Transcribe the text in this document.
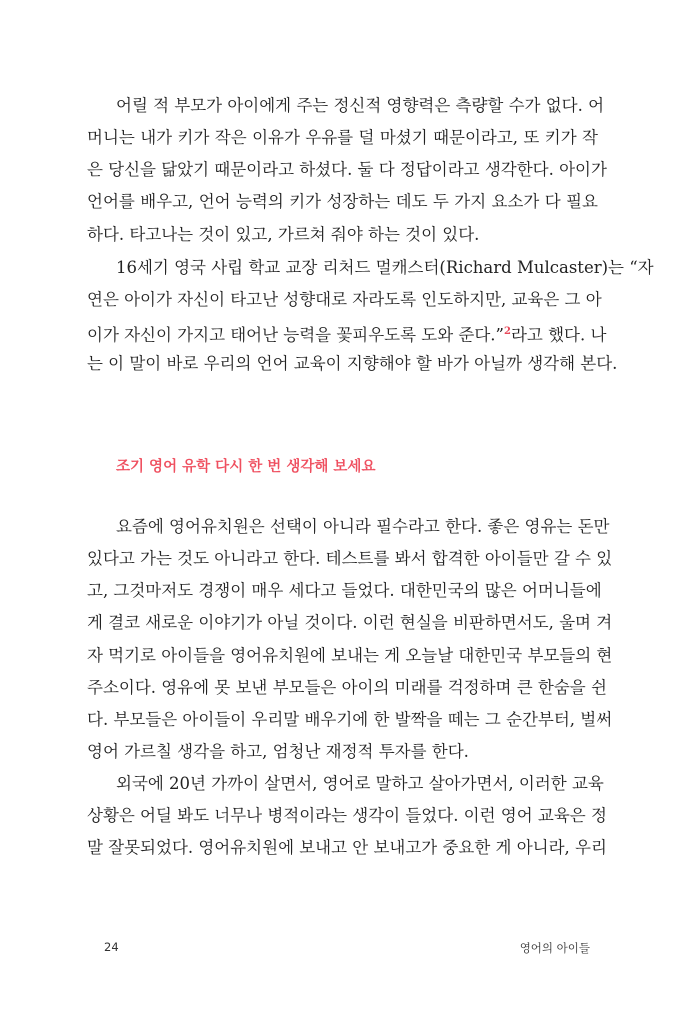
어릴 적 부모가 아이에게 주는 정신적 영향력은 측량할 수가 없다. 어
머니는 내가 키가 작은 이유가 우유를 덜 마셨기 때문이라고, 또 키가 작
은 당신을 닮았기 때문이라고 하셨다. 둘 다 정답이라고 생각한다. 아이가
언어를 배우고, 언어 능력의 키가 성장하는 데도 두 가지 요소가 다 필요
하다. 타고나는 것이 있고, 가르쳐 줘야 하는 것이 있다.
16세기 영국 사립 학교 교장 리처드 멀캐스터(Richard Mulcaster)는 “자
연은 아이가 자신이 타고난 성향대로 자라도록 인도하지만, 교육은 그 아
이가 자신이 가지고 태어난 능력을 꽃피우도록 도와 준다.”$^2$라고 했다. 나
는 이 말이 바로 우리의 언어 교육이 지향해야 할 바가 아닐까 생각해 본다.
조기 영어 유학 다시 한 번 생각해 보세요
요즘에 영어유치원은 선택이 아니라 필수라고 한다. 좋은 영유는 돈만
있다고 가는 것도 아니라고 한다. 테스트를 봐서 합격한 아이들만 갈 수 있
고, 그것마저도 경쟁이 매우 세다고 들었다. 대한민국의 많은 어머니들에
게 결코 새로운 이야기가 아닐 것이다. 이런 현실을 비판하면서도, 울며 겨
자 먹기로 아이들을 영어유치원에 보내는 게 오늘날 대한민국 부모들의 현
주소이다. 영유에 못 보낸 부모들은 아이의 미래를 걱정하며 큰 한숨을 쉰
다. 부모들은 아이들이 우리말 배우기에 한 발짝을 떼는 그 순간부터, 벌써
영어 가르칠 생각을 하고, 엄청난 재정적 투자를 한다.
외국에 20년 가까이 살면서, 영어로 말하고 살아가면서, 이러한 교육
상황은 어딜 봐도 너무나 병적이라는 생각이 들었다. 이런 영어 교육은 정
말 잘못되었다. 영어유치원에 보내고 안 보내고가 중요한 게 아니라, 우리
24	영어의 아이들
